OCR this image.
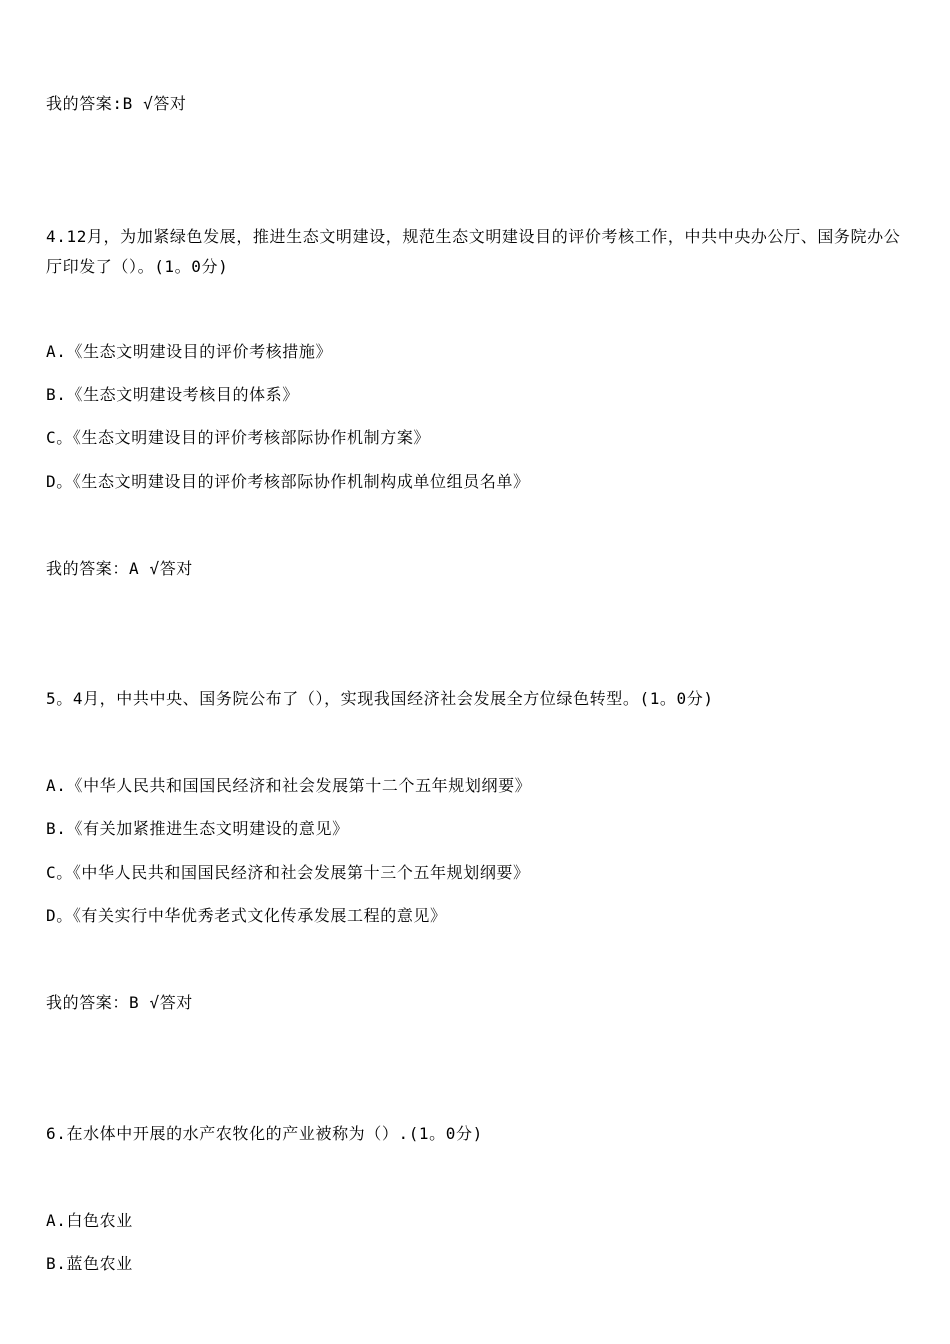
我的答案:B √答对
4.12月，为加紧绿色发展，推进生态文明建设，规范生态文明建设目的评价考核工作，中共中央办公厅、国务院办公厅印发了（）。(1。0分)
A.《生态文明建设目的评价考核措施》
B.《生态文明建设考核目的体系》
C。《生态文明建设目的评价考核部际协作机制方案》
D。《生态文明建设目的评价考核部际协作机制构成单位组员名单》
我的答案：A √答对
5。4月，中共中央、国务院公布了（），实现我国经济社会发展全方位绿色转型。(1。0分)
A.《中华人民共和国国民经济和社会发展第十二个五年规划纲要》
B.《有关加紧推进生态文明建设的意见》
C。《中华人民共和国国民经济和社会发展第十三个五年规划纲要》
D。《有关实行中华优秀老式文化传承发展工程的意见》
我的答案：B √答对
6.在水体中开展的水产农牧化的产业被称为（）.(1。0分)
A.白色农业
B.蓝色农业
